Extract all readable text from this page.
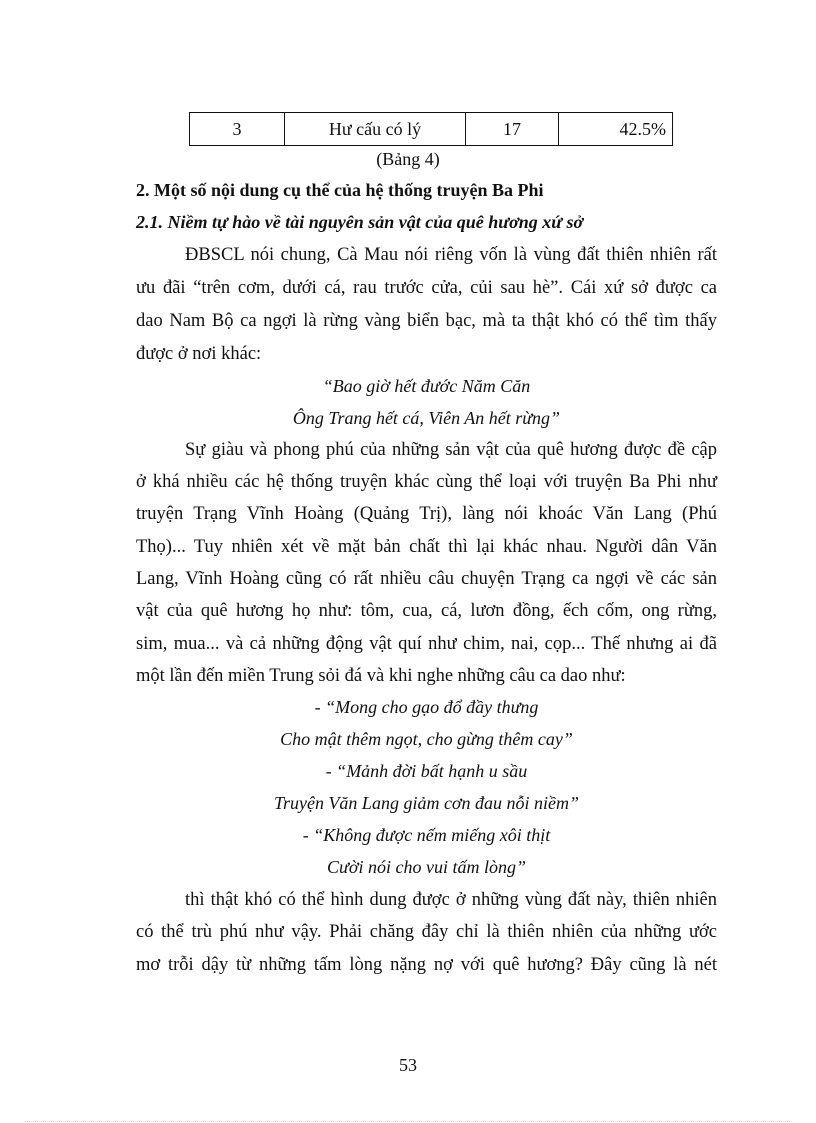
3	Hư cấu có lý	17	42.5%
(Bảng 4)
2. Một số nội dung cụ thể của hệ thống truyện Ba Phi
2.1. Niềm tự hào về tài nguyên sản vật của quê hương xứ sở
ĐBSCL nói chung, Cà Mau nói riêng vốn là vùng đất thiên nhiên rất
ưu đãi “trên cơm, dưới cá, rau trước cửa, củi sau hè”. Cái xứ sở được ca
dao Nam Bộ ca ngợi là rừng vàng biển bạc, mà ta thật khó có thể tìm thấy
được ở nơi khác:
“Bao giờ hết đước Năm Căn
Ông Trang hết cá, Viên An hết rừng”
Sự giàu và phong phú của những sản vật của quê hương được đề cập
ở khá nhiều các hệ thống truyện khác cùng thể loại với truyện Ba Phi như
truyện Trạng Vĩnh Hoàng (Quảng Trị), làng nói khoác Văn Lang (Phú
Thọ)... Tuy nhiên xét về mặt bản chất thì lại khác nhau. Người dân Văn
Lang, Vĩnh Hoàng cũng có rất nhiều câu chuyện Trạng ca ngợi về các sản
vật của quê hương họ như: tôm, cua, cá, lươn đồng, ếch cốm, ong rừng,
sim, mua... và cả những động vật quí như chim, nai, cọp... Thế nhưng ai đã
một lần đến miền Trung sỏi đá và khi nghe những câu ca dao như:
- “Mong cho gạo đổ đầy thưng
Cho mật thêm ngọt, cho gừng thêm cay”
- “Mảnh đời bất hạnh u sầu
Truyện Văn Lang giảm cơn đau nỗi niềm”
- “Không được nếm miếng xôi thịt
Cười nói cho vui tấm lòng”
thì thật khó có thể hình dung được ở những vùng đất này, thiên nhiên
có thể trù phú như vậy. Phải chăng đây chỉ là thiên nhiên của những ước
mơ trỗi dậy từ những tấm lòng nặng nợ với quê hương? Đây cũng là nét
53
